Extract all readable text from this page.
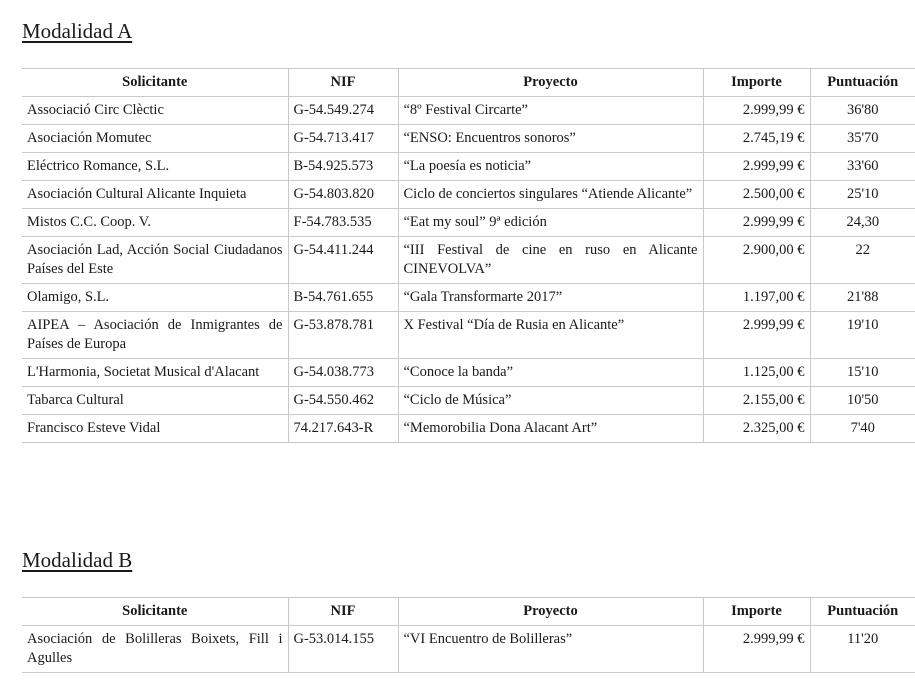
Modalidad A
Solicitante	NIF	Proyecto	Importe	Puntuación
Associació Circ Clèctic	G-54.549.274	“8º Festival Circarte”	2.999,99 €	36'80
Asociación Momutec	G-54.713.417	“ENSO: Encuentros sonoros”	2.745,19 €	35'70
Eléctrico Romance, S.L.	B-54.925.573	“La poesía es noticia”	2.999,99 €	33'60
Asociación Cultural Alicante Inquieta	G-54.803.820	Ciclo de conciertos singulares “Atiende Alicante”	2.500,00 €	25'10
Mistos C.C. Coop. V.	F-54.783.535	“Eat my soul” 9ª edición	2.999,99 €	24,30
Asociación Lad, Acción Social Ciudadanos Países del Este	G-54.411.244	“III Festival de cine en ruso en Alicante CINEVOLVA”	2.900,00 €	22
Olamigo, S.L.	B-54.761.655	“Gala Transformarte 2017”	1.197,00 €	21'88
AIPEA – Asociación de Inmigrantes de Países de Europa	G-53.878.781	X Festival “Día de Rusia en Alicante”	2.999,99 €	19'10
L'Harmonia, Societat Musical d'Alacant	G-54.038.773	“Conoce la banda”	1.125,00 €	15'10
Tabarca Cultural	G-54.550.462	“Ciclo de Música”	2.155,00 €	10'50
Francisco Esteve Vidal	74.217.643-R	“Memorobilia Dona Alacant Art”	2.325,00 €	7'40
Modalidad B
Solicitante	NIF	Proyecto	Importe	Puntuación
Asociación de Bolilleras Boixets, Fill i Agulles	G-53.014.155	“VI Encuentro de Bolilleras”	2.999,99 €	11'20
